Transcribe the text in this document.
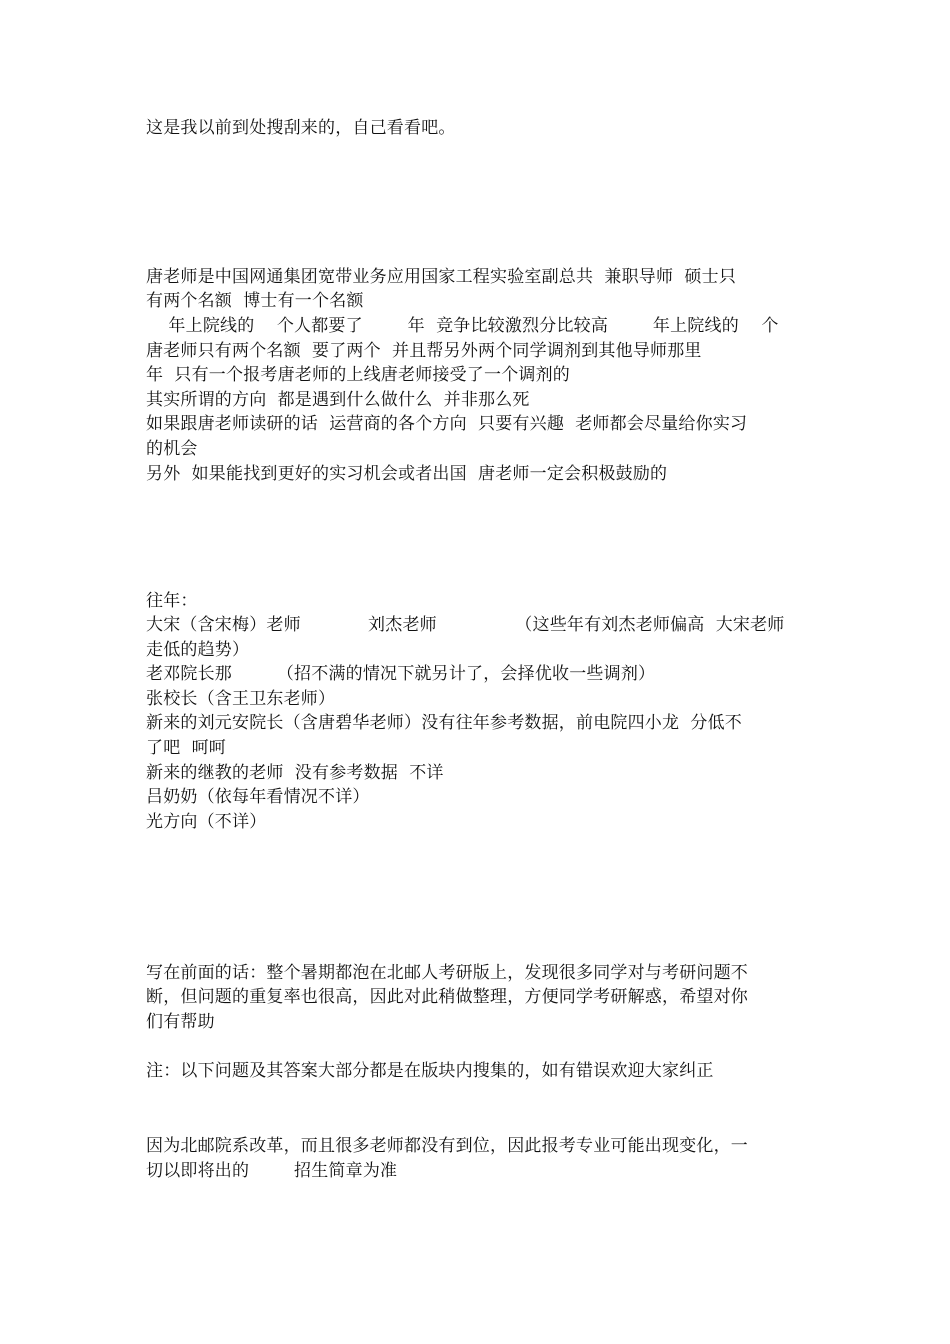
这是我以前到处搜刮来的，自己看看吧。
唐老师是中国网通集团宽带业务应用国家工程实验室副总共  兼职导师  硕士只
有两个名额  博士有一个名额
年上院线的    个人都要了        年  竞争比较激烈分比较高        年上院线的    个
唐老师只有两个名额  要了两个  并且帮另外两个同学调剂到其他导师那里
年  只有一个报考唐老师的上线唐老师接受了一个调剂的
其实所谓的方向  都是遇到什么做什么  并非那么死
如果跟唐老师读研的话  运营商的各个方向  只要有兴趣  老师都会尽量给你实习
的机会
另外  如果能找到更好的实习机会或者出国  唐老师一定会积极鼓励的
往年：
大宋（含宋梅）老师            刘杰老师              （这些年有刘杰老师偏高  大宋老师
走低的趋势）
老邓院长那        （招不满的情况下就另计了，会择优收一些调剂）
张校长（含王卫东老师）
新来的刘元安院长（含唐碧华老师）没有往年参考数据，前电院四小龙  分低不
了吧  呵呵
新来的继教的老师  没有参考数据  不详
吕奶奶（依每年看情况不详）
光方向（不详）
写在前面的话：整个暑期都泡在北邮人考研版上，发现很多同学对与考研问题不
断，但问题的重复率也很高，因此对此稍做整理，方便同学考研解惑，希望对你
们有帮助
注：以下问题及其答案大部分都是在版块内搜集的，如有错误欢迎大家纠正
因为北邮院系改革，而且很多老师都没有到位，因此报考专业可能出现变化，一
切以即将出的        招生简章为准
